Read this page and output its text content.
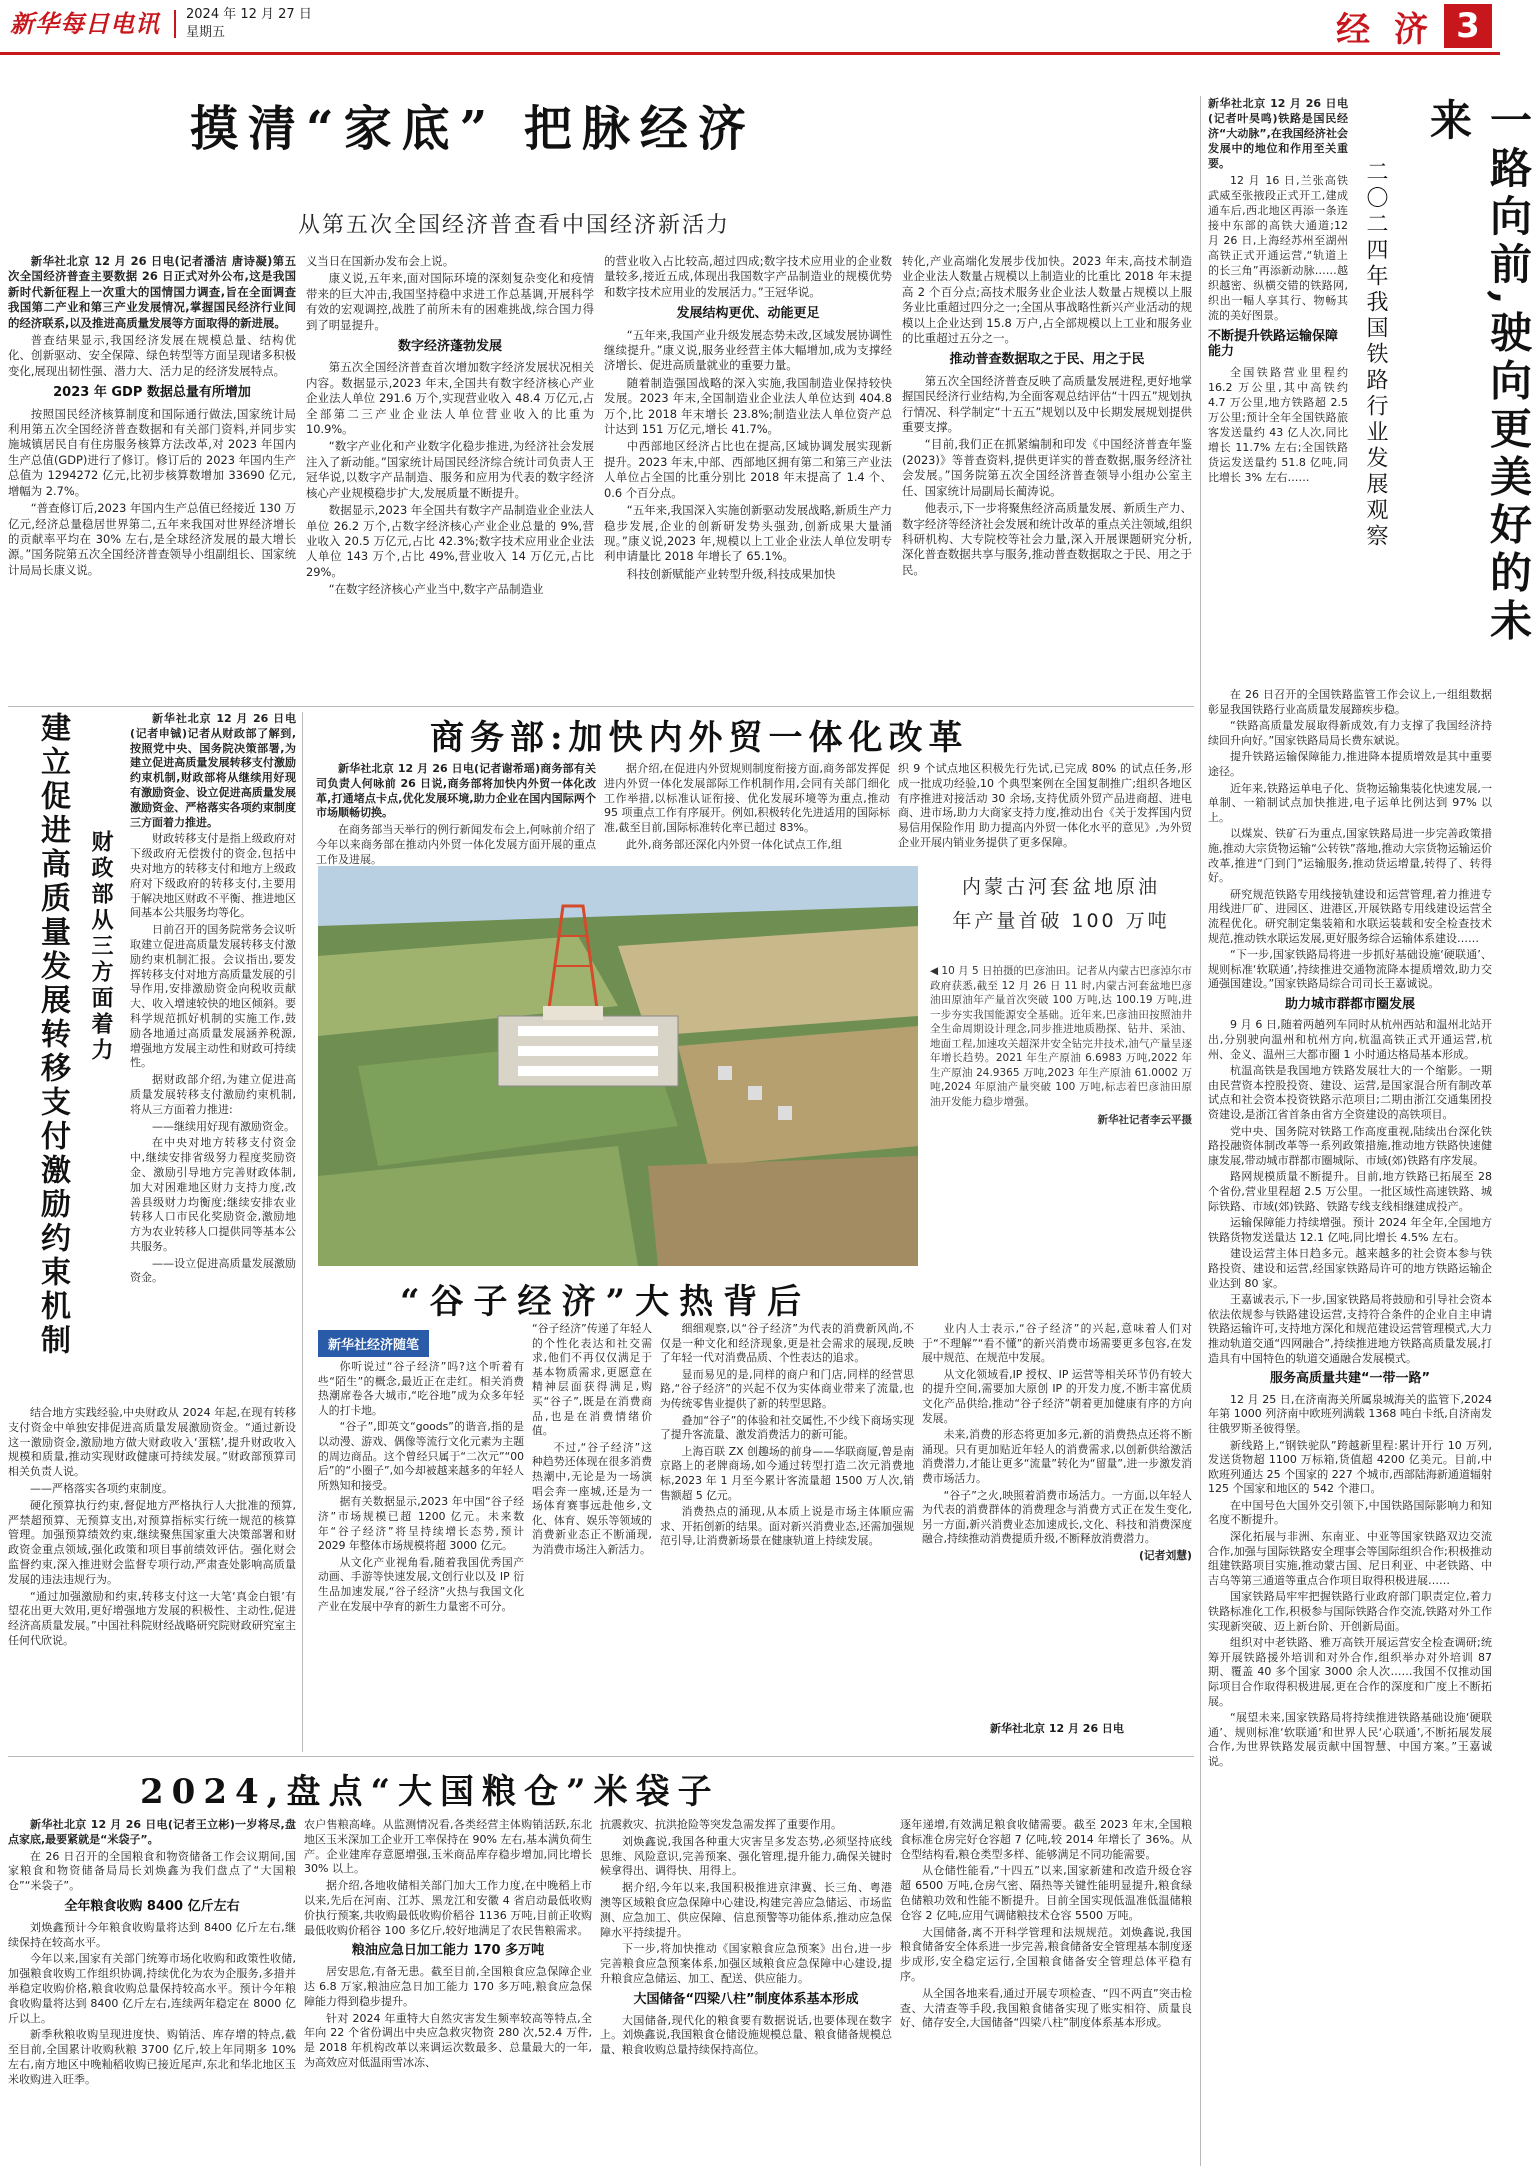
新华每日电讯 2024 年 12 月 27 日
星期五	经 济 3
摸清“家底” 把脉经济
从第五次全国经济普查看中国经济新活力

新华社北京 12 月 26 日电(记者潘洁 唐诗凝)第五次全国经济普查主要数据 26 日正式对外公布,这是我国新时代新征程上一次重大的国情国力调查,旨在全面调查我国第二产业和第三产业发展情况,掌握国民经济行业间的经济联系,以及推进高质量发展等方面取得的新进展。

普查结果显示,我国经济发展在规模总量、结构优化、创新驱动、安全保障、绿色转型等方面呈现诸多积极变化,展现出韧性强、潜力大、活力足的经济发展特点。

2023 年 GDP 数据总量有所增加

按照国民经济核算制度和国际通行做法,国家统计局利用第五次全国经济普查数据和有关部门资料,并同步实施城镇居民自有住房服务核算方法改革,对 2023 年国内生产总值(GDP)进行了修订。修订后的 2023 年国内生产总值为 1294272 亿元,比初步核算数增加 33690 亿元,增幅为 2.7%。

“普查修订后,2023 年国内生产总值已经接近 130 万亿元,经济总量稳居世界第二,五年来我国对世界经济增长的贡献率平均在 30% 左右,是全球经济发展的最大增长源。”国务院第五次全国经济普查领导小组副组长、国家统计局局长康义说。

义当日在国新办发布会上说。

康义说,五年来,面对国际环境的深刻复杂变化和疫情带来的巨大冲击,我国坚持稳中求进工作总基调,开展科学有效的宏观调控,战胜了前所未有的困难挑战,综合国力得到了明显提升。

数字经济蓬勃发展

第五次全国经济普查首次增加数字经济发展状况相关内容。数据显示,2023 年末,全国共有数字经济核心产业企业法人单位 291.6 万个,实现营业收入 48.4 万亿元,占全部第二三产业企业法人单位营业收入的比重为 10.9%。

“数字产业化和产业数字化稳步推进,为经济社会发展注入了新动能。”国家统计局国民经济综合统计司负责人王冠华说,以数字产品制造、服务和应用为代表的数字经济核心产业规模稳步扩大,发展质量不断提升。

数据显示,2023 年全国共有数字产品制造业企业法人单位 26.2 万个,占数字经济核心产业企业总量的 9%,营业收入 20.5 万亿元,占比 42.3%;数字技术应用业企业法人单位 143 万个,占比 49%,营业收入 14 万亿元,占比 29%。

“在数字经济核心产业当中,数字产品制造业

的营业收入占比较高,超过四成;数字技术应用业的企业数量较多,接近五成,体现出我国数字产品制造业的规模优势和数字技术应用业的发展活力。”王冠华说。

发展结构更优、动能更足

“五年来,我国产业升级发展态势未改,区域发展协调性继续提升。”康义说,服务业经营主体大幅增加,成为支撑经济增长、促进高质量就业的重要力量。

随着制造强国战略的深入实施,我国制造业保持较快发展。2023 年末,全国制造业企业法人单位达到 404.8 万个,比 2018 年末增长 23.8%;制造业法人单位资产总计达到 151 万亿元,增长 41.7%。

中西部地区经济占比也在提高,区域协调发展实现新提升。2023 年末,中部、西部地区拥有第二和第三产业法人单位占全国的比重分别比 2018 年末提高了 1.4 个、0.6 个百分点。

“五年来,我国深入实施创新驱动发展战略,新质生产力稳步发展,企业的创新研发势头强劲,创新成果大量涌现。”康义说,2023 年,规模以上工业企业法人单位发明专利申请量比 2018 年增长了 65.1%。

科技创新赋能产业转型升级,科技成果加快

转化,产业高端化发展步伐加快。2023 年末,高技术制造业企业法人数量占规模以上制造业的比重比 2018 年末提高 2 个百分点;高技术服务业企业法人数量占规模以上服务业比重超过四分之一;全国从事战略性新兴产业活动的规模以上企业达到 15.8 万户,占全部规模以上工业和服务业的比重超过五分之一。

推动普查数据取之于民、用之于民

第五次全国经济普查反映了高质量发展进程,更好地掌握国民经济行业结构,为全面客观总结评估“十四五”规划执行情况、科学制定“十五五”规划以及中长期发展规划提供重要支撑。

“目前,我们正在抓紧编制和印发《中国经济普查年鉴(2023)》等普查资料,提供更详实的普查数据,服务经济社会发展。”国务院第五次全国经济普查领导小组办公室主任、国家统计局副局长蔺涛说。

他表示,下一步将聚焦经济高质量发展、新质生产力、数字经济等经济社会发展和统计改革的重点关注领域,组织科研机构、大专院校等社会力量,深入开展课题研究分析,深化普查数据共享与服务,推动普查数据取之于民、用之于民。

新华社北京 12 月 26 日电(记者叶昊鸣)铁路是国民经济“大动脉”,在我国经济社会发展中的地位和作用至关重要。

12 月 16 日,兰张高铁武威至张掖段正式开工,建成通车后,西北地区再添一条连接中东部的高铁大通道;12 月 26 日,上海经苏州至湖州高铁正式开通运营,“轨道上的长三角”再添新动脉……越织越密、纵横交错的铁路网,织出一幅人享其行、物畅其流的美好图景。

不断提升铁路运输保障能力

全国铁路营业里程约 16.2 万公里,其中高铁约 4.7 万公里,地方铁路超 2.5 万公里;预计全年全国铁路旅客发送量约 43 亿人次,同比增长 11.7% 左右;全国铁路货运发送量约 51.8 亿吨,同比增长 3% 左右……	一路向前,驶向更美好的未来
二〇二四年我国铁路行业发展观察

在 26 日召开的全国铁路监管工作会议上,一组组数据彰显我国铁路行业高质量发展蹄疾步稳。

“铁路高质量发展取得新成效,有力支撑了我国经济持续回升向好。”国家铁路局局长费东斌说。

提升铁路运输保障能力,推进降本提质增效是其中重要途径。

近年来,铁路运单电子化、货物运输集装化快速发展,一单制、一箱制试点加快推进,电子运单比例达到 97% 以上。

以煤炭、铁矿石为重点,国家铁路局进一步完善政策措施,推动大宗货物运输“公转铁”落地,推动大宗货物运输运价改革,推进“门到门”运输服务,推动货运增量,转得了、转得好。

研究规范铁路专用线接轨建设和运营管理,着力推进专用线进厂矿、进园区、进港区,开展铁路专用线建设运营全流程优化。研究制定集装箱和水联运装载和安全检查技术规范,推动铁水联运发展,更好服务综合运输体系建设……

“下一步,国家铁路局将进一步抓好基础设施‘硬联通’、规则标准‘软联通’,持续推进交通物流降本提质增效,助力交通强国建设。”国家铁路局综合司司长王嘉诚说。

助力城市群都市圈发展

9 月 6 日,随着两趟列车同时从杭州西站和温州北站开出,分别驶向温州和杭州方向,杭温高铁正式开通运营,杭州、金义、温州三大都市圈 1 小时通达格局基本形成。

杭温高铁是我国地方铁路发展壮大的一个缩影。一期由民营资本控股投资、建设、运营,是国家混合所有制改革试点和社会资本投资铁路示范项目;二期由浙江交通集团投资建设,是浙江省首条由省方全资建设的高铁项目。

党中央、国务院对铁路工作高度重视,陆续出台深化铁路投融资体制改革等一系列政策措施,推动地方铁路快速健康发展,带动城市群都市圈城际、市域(郊)铁路有序发展。

路网规模质量不断提升。目前,地方铁路已拓展至 28 个省份,营业里程超 2.5 万公里。一批区域性高速铁路、城际铁路、市域(郊)铁路、铁路专线支线相继建成投产。

运输保障能力持续增强。预计 2024 年全年,全国地方铁路货物发送量达 12.1 亿吨,同比增长 4.5% 左右。

建设运营主体日趋多元。越来越多的社会资本参与铁路投资、建设和运营,经国家铁路局许可的地方铁路运输企业达到 80 家。

王嘉诚表示,下一步,国家铁路局将鼓励和引导社会资本依法依规参与铁路建设运营,支持符合条件的企业自主申请铁路运输许可,支持地方深化和规范建设运营管理模式,大力推动轨道交通“四网融合”,持续推进地方铁路高质量发展,打造具有中国特色的轨道交通融合发展模式。

服务高质量共建“一带一路”

12 月 25 日,在济南海关所属泉城海关的监管下,2024 年第 1000 列济南中欧班列满载 1368 吨白卡纸,自济南发往俄罗斯圣彼得堡。

新线路上,“钢铁驼队”跨越新里程:累计开行 10 万列,发送货物超 1100 万标箱,货值超 4200 亿美元。目前,中欧班列通达 25 个国家的 227 个城市,西部陆海新通道辐射 125 个国家和地区的 542 个港口。

在中国号色大国外交引领下,中国铁路国际影响力和知名度不断提升。

深化拓展与非洲、东南亚、中亚等国家铁路双边交流合作,加强与国际铁路安全理事会等国际组织合作;积极推动组建铁路项目实施,推动蒙古国、尼日利亚、中老铁路、中吉乌等第三通道等重点合作项目取得积极进展……

国家铁路局牢牢把握铁路行业政府部门职责定位,着力铁路标准化工作,积极参与国际铁路合作交流,铁路对外工作实现新突破、迈上新台阶、开创新局面。

组织对中老铁路、雅万高铁开展运营安全检查调研;统筹开展铁路援外培训和对外合作,组织举办对外培训 87 期、覆盖 40 多个国家 3000 余人次……我国不仅推动国际项目合作取得积极进展,更在合作的深度和广度上不断拓展。

“展望未来,国家铁路局将持续推进铁路基础设施‘硬联通’、规则标准‘软联通’和世界人民‘心联通’,不断拓展发展合作,为世界铁路发展贡献中国智慧、中国方案。”王嘉诚说。

建立促进高质量发展转移支付激励约束机制 财政部从三方面着力

新华社北京 12 月 26 日电(记者申铖)记者从财政部了解到,按照党中央、国务院决策部署,为建立促进高质量发展转移支付激励约束机制,财政部将从继续用好现有激励资金、设立促进高质量发展激励资金、严格落实各项约束制度三方面着力推进。

财政转移支付是指上级政府对下级政府无偿拨付的资金,包括中央对地方的转移支付和地方上级政府对下级政府的转移支付,主要用于解决地区财政不平衡、推进地区间基本公共服务均等化。

日前召开的国务院常务会议听取建立促进高质量发展转移支付激励约束机制汇报。会议指出,要发挥转移支付对地方高质量发展的引导作用,安排激励资金向税收贡献大、收入增速较快的地区倾斜。要科学规范抓好机制的实施工作,鼓励各地通过高质量发展涵养税源,增强地方发展主动性和财政可持续性。

据财政部介绍,为建立促进高质量发展转移支付激励约束机制,将从三方面着力推进:

——继续用好现有激励资金。

在中央对地方转移支付资金中,继续安排省级努力程度奖励资金、激励引导地方完善财政体制,加大对困难地区财力支持力度,改善县级财力均衡度;继续安排农业转移人口市民化奖励资金,激励地方为农业转移人口提供同等基本公共服务。

——设立促进高质量发展激励资金。

结合地方实践经验,中央财政从 2024 年起,在现有转移支付资金中单独安排促进高质量发展激励资金。“通过新设这一激励资金,激励地方做大财政收入‘蛋糕’,提升财政收入规模和质量,推动实现财政健康可持续发展。”财政部预算司相关负责人说。

——严格落实各项约束制度。

硬化预算执行约束,督促地方严格执行人大批准的预算,严禁超预算、无预算支出,对预算指标实行统一规范的核算管理。加强预算绩效约束,继续聚焦国家重大决策部署和财政资金重点领域,强化政策和项目事前绩效评估。强化财会监督约束,深入推进财会监督专项行动,严肃查处影响高质量发展的违法违规行为。

“通过加强激励和约束,转移支付这一大笔‘真金白银’有望花出更大效用,更好增强地方发展的积极性、主动性,促进经济高质量发展。”中国社科院财经战略研究院财政研究室主任何代欣说。

商务部:加快内外贸一体化改革

新华社北京 12 月 26 日电(记者谢希瑶)商务部有关司负责人何咏前 26 日说,商务部将加快内外贸一体化改革,打通堵点卡点,优化发展环境,助力企业在国内国际两个市场顺畅切换。

在商务部当天举行的例行新闻发布会上,何咏前介绍了今年以来商务部在推动内外贸一体化发展方面开展的重点工作及进展。

据介绍,在促进内外贸规则制度衔接方面,商务部发挥促进内外贸一体化发展部际工作机制作用,会同有关部门细化工作举措,以标准认证衔接、优化发展环境等为重点,推动 95 项重点工作有序展开。例如,积极转化先进适用的国际标准,截至目前,国际标准转化率已超过 83%。

此外,商务部还深化内外贸一体化试点工作,组

织 9 个试点地区积极先行先试,已完成 80% 的试点任务,形成一批成功经验,10 个典型案例在全国复制推广;组织各地区有序推进对接活动 30 余场,支持优质外贸产品进商超、进电商、进市场,助力大商家支持力度,推动出台《关于发挥国内贸易信用保险作用 助力提高内外贸一体化水平的意见》,为外贸企业开展内销业务提供了更多保障。

内蒙古河套盆地原油
年产量首破 100 万吨
◀ 10 月 5 日拍摄的巴彦油田。记者从内蒙古巴彦淖尔市政府获悉,截至 12 月 26 日 11 时,内蒙古河套盆地巴彦油田原油年产量首次突破 100 万吨,达 100.19 万吨,进一步夯实我国能源安全基础。近年来,巴彦油田按照油井全生命周期设计理念,同步推进地质勘探、钻井、采油、地面工程,加速攻关超深井安全钻完井技术,油气产量呈逐年增长趋势。2021 年生产原油 6.6983 万吨,2022 年生产原油 24.9365 万吨,2023 年生产原油 61.0002 万吨,2024 年原油产量突破 100 万吨,标志着巴彦油田原油开发能力稳步增强。
新华社记者李云平摄
“谷子经济”大热背后
新华社经济随笔

你听说过“谷子经济”吗?这个听着有些“陌生”的概念,最近正在走红。相关消费热潮席卷各大城市,“吃谷地”成为众多年轻人的打卡地。

“谷子”,即英文“goods”的谐音,指的是以动漫、游戏、偶像等流行文化元素为主题的周边商品。这个曾经只属于“二次元”“00 后”的“小圈子”,如今却被越来越多的年轻人所熟知和接受。

据有关数据显示,2023 年中国“谷子经济”市场规模已超 1200 亿元。未来数年“谷子经济”将呈持续增长态势,预计 2029 年整体市场规模将超 3000 亿元。

从文化产业视角看,随着我国优秀国产动画、手游等快速发展,文创行业以及 IP 衍生品加速发展,“谷子经济”火热与我国文化产业在发展中孕育的新生力量密不可分。

“谷子经济”传递了年轻人的个性化表达和社交需求,他们不再仅仅满足于基本物质需求,更愿意在精神层面获得满足,购买“谷子”,既是在消费商品,也是在消费情绪价值。

不过,“谷子经济”这种趋势还体现在很多消费热潮中,无论是为一场演唱会奔一座城,还是为一场体育赛事远赴他乡,文化、体育、娱乐等领域的消费新业态正不断涌现,为消费市场注入新活力。

细细观察,以“谷子经济”为代表的消费新风尚,不仅是一种文化和经济现象,更是社会需求的展现,反映了年轻一代对消费品质、个性表达的追求。

显而易见的是,同样的商户和门店,同样的经营思路,“谷子经济”的兴起不仅为实体商业带来了流量,也为传统零售业提供了新的转型思路。

叠加“谷子”的体验和社交属性,不少线下商场实现了提升客流量、激发消费活力的新可能。

上海百联 ZX 创趣场的前身——华联商厦,曾是南京路上的老牌商场,如今通过转型打造二次元消费地标,2023 年 1 月至今累计客流量超 1500 万人次,销售额超 5 亿元。

消费热点的涌现,从本质上说是市场主体顺应需求、开拓创新的结果。面对新兴消费业态,还需加强规范引导,让消费新场景在健康轨道上持续发展。

业内人士表示,“谷子经济”的兴起,意味着人们对于“不理解”“看不懂”的新兴消费市场需要更多包容,在发展中规范、在规范中发展。

从文化领域看,IP 授权、IP 运营等相关环节仍有较大的提升空间,需要加大原创 IP 的开发力度,不断丰富优质文化产品供给,推动“谷子经济”朝着更加健康有序的方向发展。

未来,消费的形态将更加多元,新的消费热点还将不断涌现。只有更加贴近年轻人的消费需求,以创新供给激活消费潜力,才能让更多“流量”转化为“留量”,进一步激发消费市场活力。

“谷子”之火,映照着消费市场活力。一方面,以年轻人为代表的消费群体的消费理念与消费方式正在发生变化,另一方面,新兴消费业态加速成长,文化、科技和消费深度融合,持续推动消费提质升级,不断释放消费潜力。

(记者刘慧)

新华社北京 12 月 26 日电
2024,盘点“大国粮仓”米袋子

新华社北京 12 月 26 日电(记者王立彬)一岁将尽,盘点家底,最要紧就是“米袋子”。

在 26 日召开的全国粮食和物资储备工作会议期间,国家粮食和物资储备局局长刘焕鑫为我们盘点了“大国粮仓”“米袋子”。

全年粮食收购 8400 亿斤左右

刘焕鑫预计今年粮食收购量将达到 8400 亿斤左右,继续保持在较高水平。

今年以来,国家有关部门统筹市场化收购和政策性收储,加强粮食收购工作组织协调,持续优化为农为企服务,多措并举稳定收购价格,粮食收购总量保持较高水平。预计今年粮食收购量将达到 8400 亿斤左右,连续两年稳定在 8000 亿斤以上。

新季秋粮收购呈现进度快、购销活、库存增的特点,截至目前,全国累计收购秋粮 3700 亿斤,较上年同期多 10% 左右,南方地区中晚籼稻收购已接近尾声,东北和华北地区玉米收购进入旺季。

农户售粮高峰。从监测情况看,各类经营主体购销活跃,东北地区玉米深加工企业开工率保持在 90% 左右,基本满负荷生产。企业建库存意愿增强,玉米商品库存稳步增加,同比增长 30% 以上。

据介绍,各地收储相关部门加大工作力度,在中晚稻上市以来,先后在河南、江苏、黑龙江和安徽 4 省启动最低收购价执行预案,共收购最低收购价稻谷 1136 万吨,目前正收购最低收购价稻谷 100 多亿斤,较好地满足了农民售粮需求。

粮油应急日加工能力 170 多万吨

居安思危,有备无患。截至目前,全国粮食应急保障企业达 6.8 万家,粮油应急日加工能力 170 多万吨,粮食应急保障能力得到稳步提升。

针对 2024 年重特大自然灾害发生频率较高等特点,全年向 22 个省份调出中央应急救灾物资 280 次,52.4 万件,是 2018 年机构改革以来调运次数最多、总量最大的一年,为高效应对低温雨雪冰冻、

抗震救灾、抗洪抢险等突发急需发挥了重要作用。

刘焕鑫说,我国各种重大灾害呈多发态势,必须坚持底线思维、风险意识,完善预案、强化管理,提升能力,确保关键时候拿得出、调得快、用得上。

据介绍,今年以来,我国积极推进京津冀、长三角、粤港澳等区域粮食应急保障中心建设,构建完善应急储运、市场监测、应急加工、供应保障、信息预警等功能体系,推动应急保障水平持续提升。

下一步,将加快推动《国家粮食应急预案》出台,进一步完善粮食应急预案体系,加强区域粮食应急保障中心建设,提升粮食应急储运、加工、配送、供应能力。

大国储备“四梁八柱”制度体系基本形成

大国储备,现代化的粮食要有数据说话,也要体现在数字上。刘焕鑫说,我国粮食仓储设施规模总量、粮食储备规模总量、粮食收购总量持续保持高位。

逐年递增,有效满足粮食收储需要。截至 2023 年末,全国粮食标准仓房完好仓容超 7 亿吨,较 2014 年增长了 36%。从仓型结构看,粮仓类型多样、能够满足不同功能需要。

从仓储性能看,“十四五”以来,国家新建和改造升级仓容超 6500 万吨,仓房气密、隔热等关键性能明显提升,粮食绿色储粮功效和性能不断提升。目前全国实现低温准低温储粮仓容 2 亿吨,应用气调储粮技术仓容 5500 万吨。

大国储备,离不开科学管理和法规规范。刘焕鑫说,我国粮食储备安全体系进一步完善,粮食储备安全管理基本制度逐步成形,安全稳定运行,全国粮食储备安全管理总体平稳有序。

从全国各地来看,通过开展专项检查、“四不两直”突击检查、大清查等手段,我国粮食储备实现了账实相符、质量良好、储存安全,大国储备“四梁八柱”制度体系基本形成。
